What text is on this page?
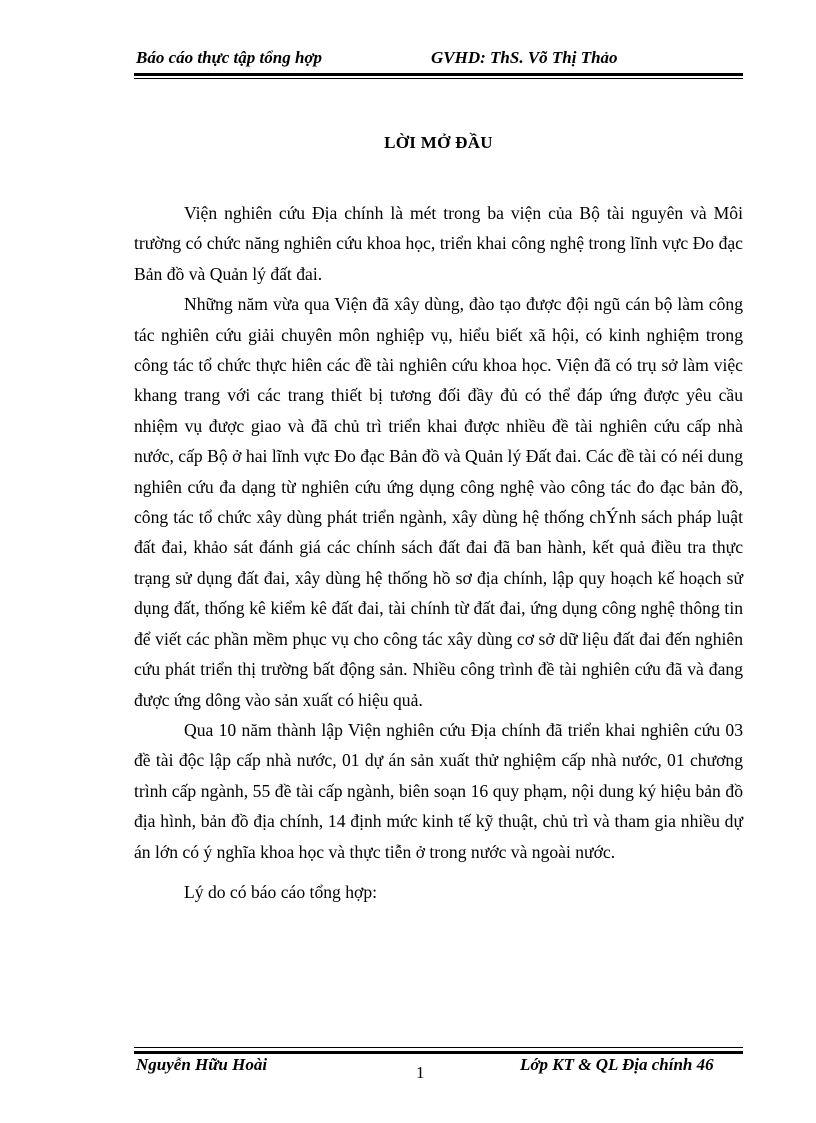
Báo cáo thực tập tổng hợp	GVHD: ThS. Võ Thị Thảo
LỜI MỞ ĐẦU

Viện nghiên cứu Địa chính là mét trong ba viện của Bộ tài nguyên và Môi trường có chức năng nghiên cứu khoa học, triển khai công nghệ trong lĩnh vực Đo đạc Bản đồ và Quản lý đất đai.

Những năm vừa qua Viện đã xây dùng, đào tạo được đội ngũ cán bộ làm công tác nghiên cứu giải chuyên môn nghiệp vụ, hiểu biết xã hội, có kinh nghiệm trong công tác tổ chức thực hiên các đề tài nghiên cứu khoa học. Viện đã có trụ sở làm việc khang trang với các trang thiết bị tương đối đầy đủ có thể đáp ứng được yêu cầu nhiệm vụ được giao và đã chủ trì triển khai được nhiều đề tài nghiên cứu cấp nhà nước, cấp Bộ ở hai lĩnh vực Đo đạc Bản đồ và Quản lý Đất đai. Các đề tài có néi dung nghiên cứu đa dạng từ nghiên cứu ứng dụng công nghệ vào công tác đo đạc bản đồ, công tác tổ chức xây dùng phát triển ngành, xây dùng hệ thống chÝnh sách pháp luật đất đai, khảo sát đánh giá các chính sách đất đai đã ban hành, kết quả điều tra thực trạng sử dụng đất đai, xây dùng hệ thống hồ sơ địa chính, lập quy hoạch kế hoạch sử dụng đất, thống kê kiểm kê đất đai, tài chính từ đất đai, ứng dụng công nghệ thông tin để viết các phần mềm phục vụ cho công tác xây dùng cơ sở dữ liệu đất đai đến nghiên cứu phát triển thị trường bất động sản. Nhiều công trình đề tài nghiên cứu đã và đang được ứng dông vào sản xuất có hiệu quả.

Qua 10 năm thành lập Viện nghiên cứu Địa chính đã triển khai nghiên cứu 03 đề tài độc lập cấp nhà nước, 01 dự án sản xuất thử nghiệm cấp nhà nước, 01 chương trình cấp ngành, 55 đề tài cấp ngành, biên soạn 16 quy phạm, nội dung ký hiệu bản đồ địa hình, bản đồ địa chính, 14 định mức kinh tế kỹ thuật, chủ trì và tham gia nhiều dự án lớn có ý nghĩa khoa học và thực tiễn ở trong nước và ngoài nước.

Lý do có báo cáo tổng hợp:

Nguyễn Hữu Hoài	1	Lớp KT & QL Địa chính 46
